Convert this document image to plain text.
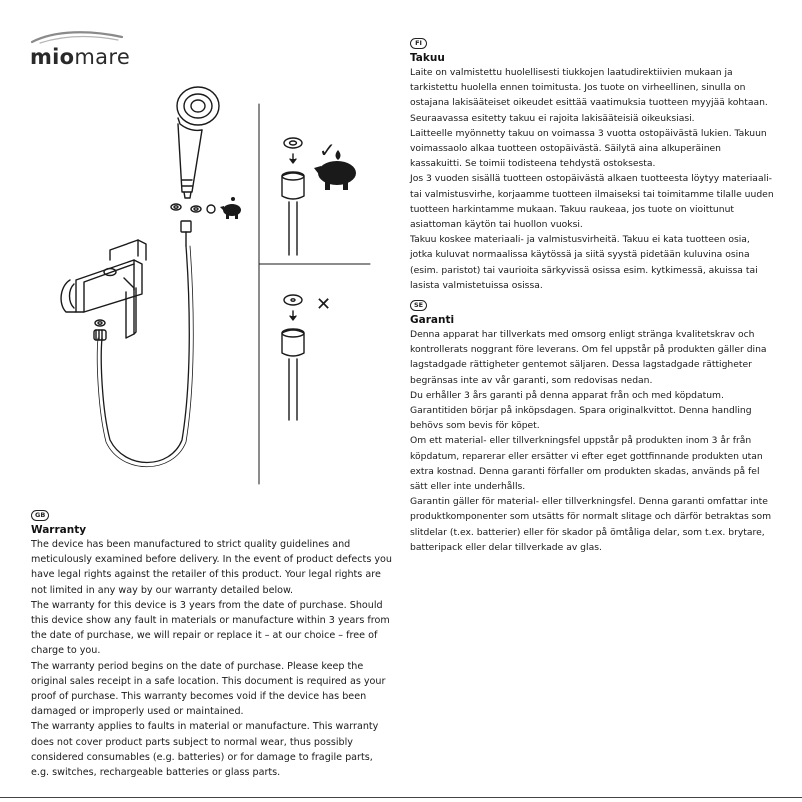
miomare
✓
✕
GB
Warranty

The device has been manufactured to strict quality guidelines and meticulously examined before delivery. In the event of product defects you have legal rights against the retailer of this product. Your legal rights are not limited in any way by our warranty detailed below.

The warranty for this device is 3 years from the date of purchase. Should this device show any fault in materials or manufacture within 3 years from the date of purchase, we will repair or replace it – at our choice – free of charge to you.

The warranty period begins on the date of purchase. Please keep the original sales receipt in a safe location. This document is required as your proof of purchase. This warranty becomes void if the device has been damaged or improperly used or maintained.

The warranty applies to faults in material or manufacture. This warranty does not cover product parts subject to normal wear, thus possibly considered consumables (e.g. batteries) or for damage to fragile parts, e.g. switches, rechargeable batteries or glass parts.

FI
Takuu

Laite on valmistettu huolellisesti tiukkojen laatudirektiivien mukaan ja tarkistettu huolella ennen toimitusta. Jos tuote on virheellinen, sinulla on ostajana lakisääteiset oikeudet esittää vaatimuksia tuotteen myyjää kohtaan. Seuraavassa esitetty takuu ei rajoita lakisääteisiä oikeuksiasi.

Laitteelle myönnetty takuu on voimassa 3 vuotta ostopäivästä lukien. Takuun voimassaolo alkaa tuotteen ostopäivästä. Säilytä aina alkuperäinen kassakuitti. Se toimii todisteena tehdystä ostoksesta.

Jos 3 vuoden sisällä tuotteen ostopäivästä alkaen tuotteesta löytyy materiaali- tai valmistusvirhe, korjaamme tuotteen ilmaiseksi tai toimitamme tilalle uuden tuotteen harkintamme mukaan. Takuu raukeaa, jos tuote on vioittunut asiattoman käytön tai huollon vuoksi.

Takuu koskee materiaali- ja valmistusvirheitä. Takuu ei kata tuotteen osia, jotka kuluvat normaalissa käytössä ja siitä syystä pidetään kuluvina osina (esim. paristot) tai vaurioita särkyvissä osissa esim. kytkimessä, akuissa tai lasista valmistetuissa osissa.

SE
Garanti

Denna apparat har tillverkats med omsorg enligt stränga kvalitetskrav och kontrollerats noggrant före leverans. Om fel uppstår på produkten gäller dina lagstadgade rättigheter gentemot säljaren. Dessa lagstadgade rättigheter begränsas inte av vår garanti, som redovisas nedan.

Du erhåller 3 års garanti på denna apparat från och med köpdatum. Garantitiden börjar på inköpsdagen. Spara originalkvittot. Denna handling behövs som bevis för köpet.

Om ett material- eller tillverkningsfel uppstår på produkten inom 3 år från köpdatum, reparerar eller ersätter vi efter eget gottfinnande produkten utan extra kostnad. Denna garanti förfaller om produkten skadas, används på fel sätt eller inte underhålls.

Garantin gäller för material- eller tillverkningsfel. Denna garanti omfattar inte produktkomponenter som utsätts för normalt slitage och därför betraktas som slitdelar (t.ex. batterier) eller för skador på ömtåliga delar, som t.ex. brytare, batteripack eller delar tillverkade av glas.
